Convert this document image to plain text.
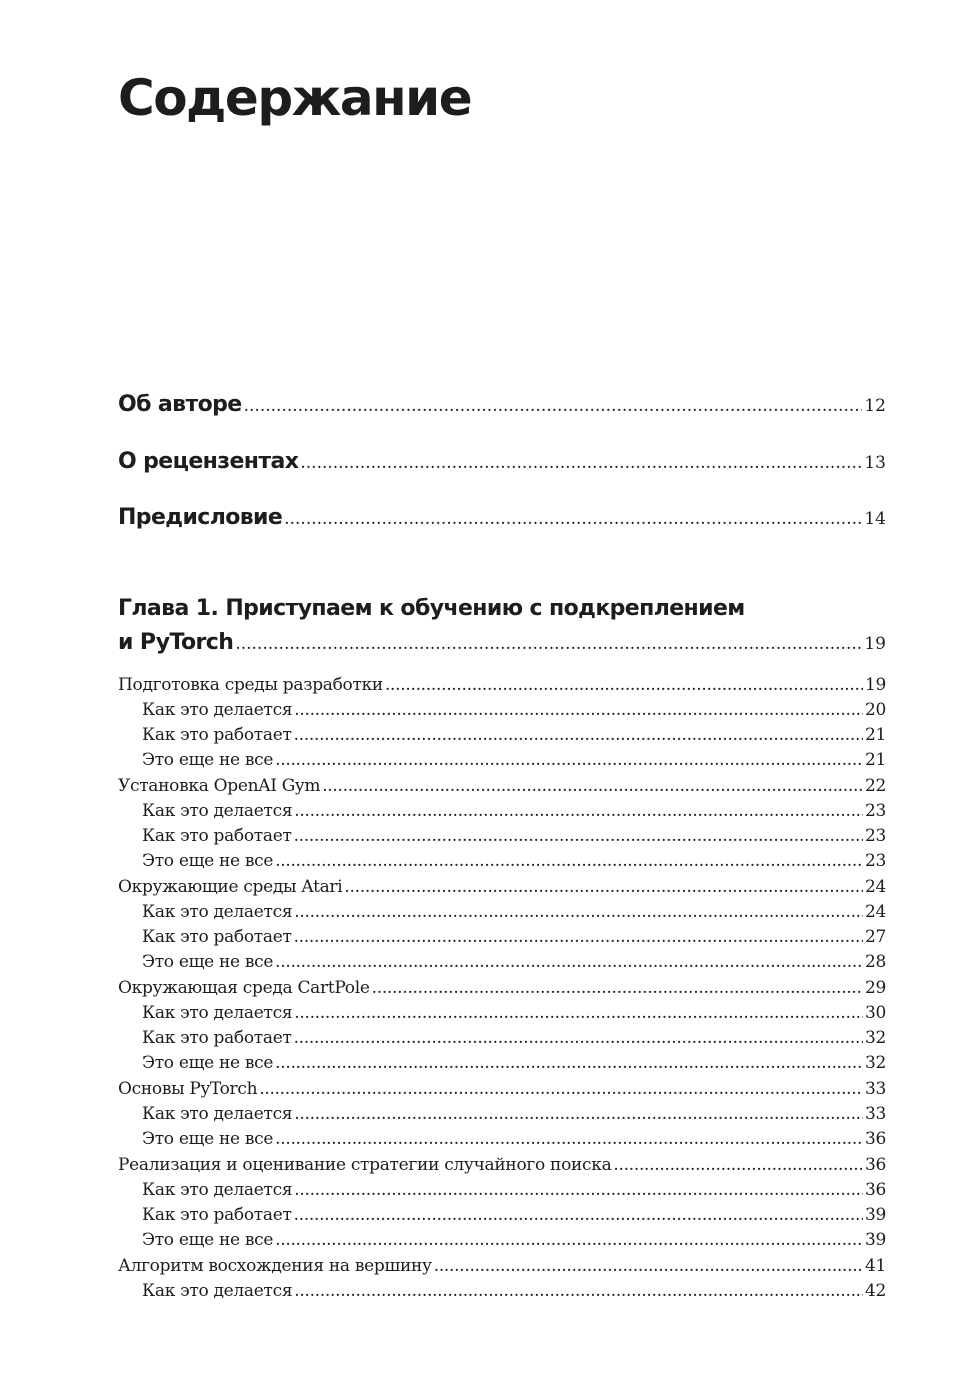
Содержание
Об авторе .....	12
О рецензентах .....	13
Предисловие .....	14
Глава 1. Приступаем к обучению с подкреплением
и PyTorch .....	19
Подготовка среды разработки .....	19
Как это делается .....	20
Как это работает .....	21
Это еще не все .....	21
Установка OpenAI Gym .....	22
Как это делается .....	23
Как это работает .....	23
Это еще не все .....	23
Окружающие среды Atari .....	24
Как это делается .....	24
Как это работает .....	27
Это еще не все .....	28
Окружающая среда CartPole .....	29
Как это делается .....	30
Как это работает .....	32
Это еще не все .....	32
Основы PyTorch .....	33
Как это делается .....	33
Это еще не все .....	36
Реализация и оценивание стратегии случайного поиска .....	36
Как это делается .....	36
Как это работает .....	39
Это еще не все .....	39
Алгоритм восхождения на вершину .....	41
Как это делается .....	42
